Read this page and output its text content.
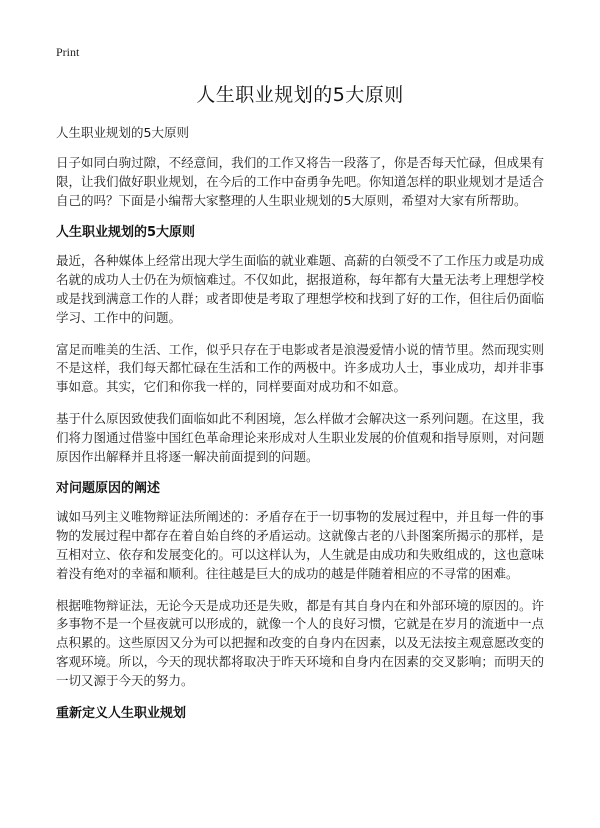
Print
人生职业规划的5大原则
人生职业规划的5大原则

日子如同白驹过隙，不经意间，我们的工作又将告一段落了，你是否每天忙碌，但成果有限，让我们做好职业规划，在今后的工作中奋勇争先吧。你知道怎样的职业规划才是适合自己的吗？下面是小编帮大家整理的人生职业规划的5大原则，希望对大家有所帮助。

人生职业规划的5大原则

最近，各种媒体上经常出现大学生面临的就业难题、高薪的白领受不了工作压力或是功成名就的成功人士仍在为烦恼难过。不仅如此，据报道称，每年都有大量无法考上理想学校或是找到满意工作的人群；或者即使是考取了理想学校和找到了好的工作，但往后仍面临学习、工作中的问题。

富足而唯美的生活、工作，似乎只存在于电影或者是浪漫爱情小说的情节里。然而现实则不是这样，我们每天都忙碌在生活和工作的两极中。许多成功人士，事业成功，却并非事事如意。其实，它们和你我一样的，同样要面对成功和不如意。

基于什么原因致使我们面临如此不利困境，怎么样做才会解决这一系列问题。在这里，我们将力图通过借鉴中国红色革命理论来形成对人生职业发展的价值观和指导原则，对问题原因作出解释并且将逐一解决前面提到的问题。

对问题原因的阐述

诚如马列主义唯物辩证法所阐述的：矛盾存在于一切事物的发展过程中，并且每一件的事物的发展过程中都存在着自始自终的矛盾运动。这就像古老的八卦图案所揭示的那样，是互相对立、依存和发展变化的。可以这样认为，人生就是由成功和失败组成的，这也意味着没有绝对的幸福和顺利。往往越是巨大的成功的越是伴随着相应的不寻常的困难。

根据唯物辩证法，无论今天是成功还是失败，都是有其自身内在和外部环境的原因的。许多事物不是一个昼夜就可以形成的，就像一个人的良好习惯，它就是在岁月的流逝中一点点积累的。这些原因又分为可以把握和改变的自身内在因素，以及无法按主观意愿改变的客观环境。所以，今天的现状都将取决于昨天环境和自身内在因素的交叉影响；而明天的一切又源于今天的努力。

重新定义人生职业规划
